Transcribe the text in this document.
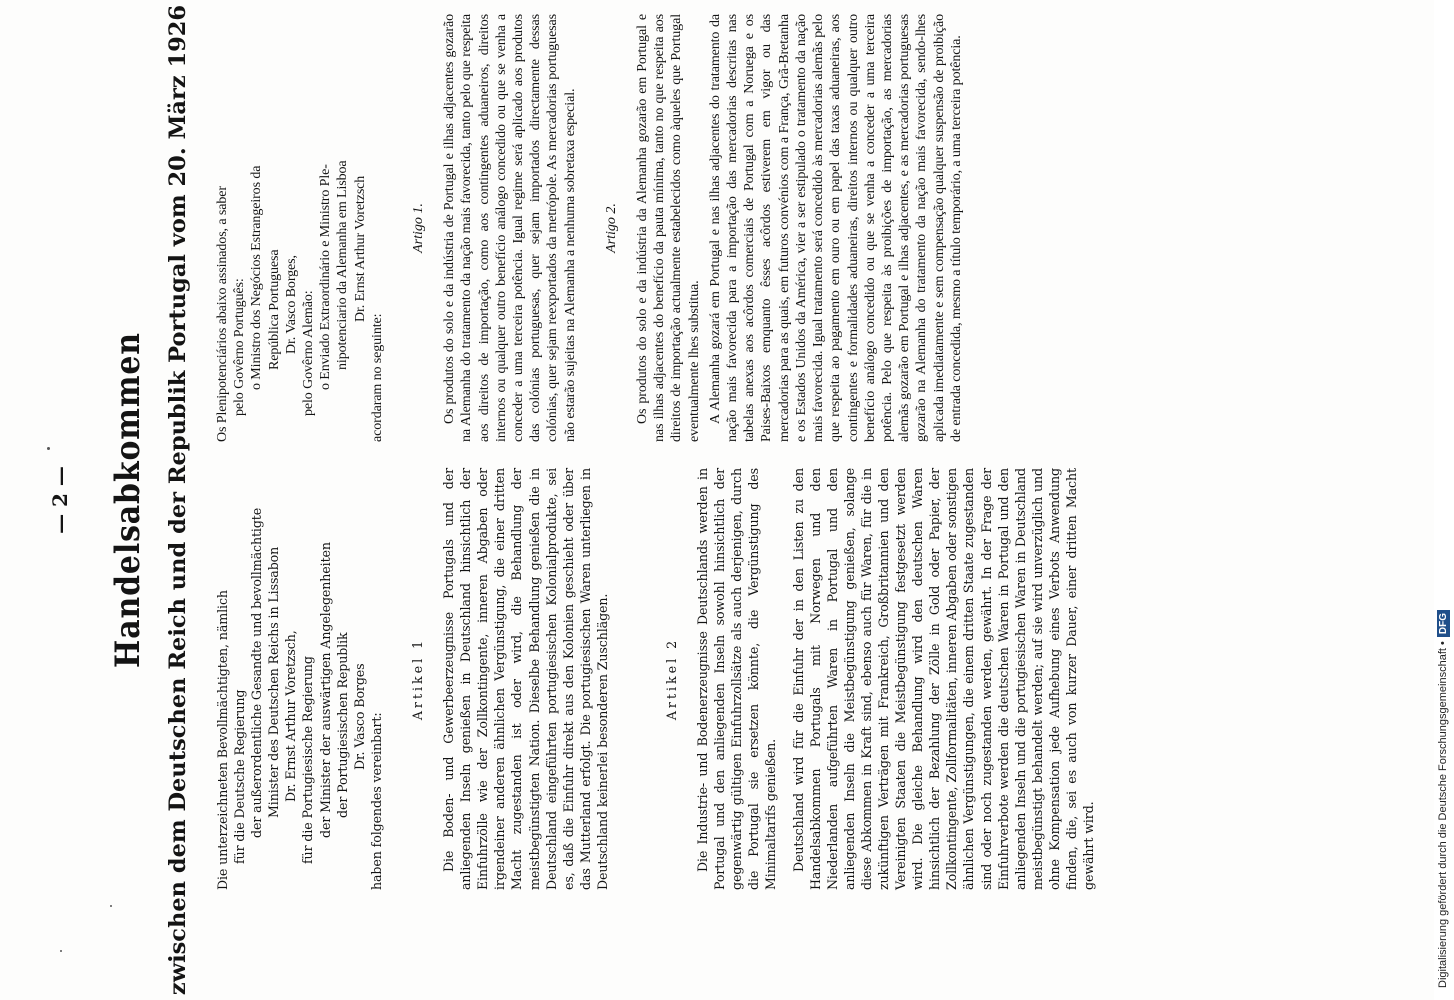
— 2 — Handelsabkommen zwischen dem Deutschen Reich und der Republik Portugal vom 20. März 1926 Die unterzeichneten Bevollmächtigten, nämlich für die Deutsche Regierung der außerordentliche Gesandte und bevollmächtigte Minister des Deutschen Reichs in Lissabon Dr. Ernst Arthur Voretzsch, für die Portugiesische Regierung der Minister der auswärtigen Angelegenheiten der Portugiesischen Republik Dr. Vasco Borges haben folgendes vereinbart:
Artikel 1 Die Boden- und Gewerbeerzeugnisse Portugals und der anliegenden Inseln genießen in Deutschland hinsichtlich der Einfuhrzölle wie der Zollkontingente, inneren Abgaben oder irgendeiner anderen ähnlichen Vergünstigung, die einer dritten Macht zugestanden ist oder wird, die Behandlung der meistbegünstigten Nation. Dieselbe Behandlung genießen die in Deutschland eingeführten portugiesischen Kolonialprodukte, sei es, daß die Einfuhr direkt aus den Kolonien geschieht oder über das Mutterland erfolgt. Die portugiesischen Waren unterliegen in Deutschland keinerlei besonderen Zuschlägen.	Artikel 2 Die Industrie- und Bodenerzeugnisse Deutschlands werden in Portugal und den anliegenden Inseln sowohl hinsichtlich der gegenwärtig gültigen Einfuhrzollsätze als auch derjenigen, durch die Portugal sie ersetzen könnte, die Vergünstigung des Minimaltarifs genießen. Deutschland wird für die Einfuhr der in den Listen zu den Handelsabkommen Portugals mit Norwegen und den Niederlanden aufgeführten Waren in Portugal und den anliegenden Inseln die Meistbegünstigung genießen, solange diese Abkommen in Kraft sind, ebenso auch für Waren, für die in zukünftigen Verträgen mit Frankreich, Großbritannien und den Vereinigten Staaten die Meistbegünstigung festgesetzt werden wird. Die gleiche Behandlung wird den deutschen Waren hinsichtlich der Bezahlung der Zölle in Gold oder Papier, der Zollkontingente, Zollformalitäten, inneren Abgaben oder sonstigen ähnlichen Vergünstigungen, die einem dritten Staate zugestanden sind oder noch zugestanden werden, gewährt. In der Frage der Einfuhrverbote werden die deutschen Waren in Portugal und den anliegenden Inseln und die portugiesischen Waren in Deutschland meistbegünstigt behandelt werden; auf sie wird unverzüglich und ohne Kompensation jede Aufhebung eines Verbots Anwendung finden, die, sei es auch von kurzer Dauer, einer dritten Macht gewährt wird.

Os Plenipotenciários abaixo assinados, a saber pelo Govêrno Português: o Ministro dos Negócios Estrangeiros da República Portuguesa Dr. Vasco Borges, pelo Govêrno Alemão: o Enviado Extraordinário e Ministro Ple- nipotenciario da Alemanha em Lisboa Dr. Ernst Arthur Voretzsch
acordaram no seguinte:
Artigo 1. Os produtos do solo e da indústria de Portugal e ilhas adjacentes gozarão na Alemanha do tratamento da nação mais favorecida, tanto pelo que respeita aos direitos de importação, como aos contingentes aduaneiros, direitos internos ou qualquer outro benefício análogo concedido ou que se venha a conceder a uma terceira potência. Igual regime será aplicado aos produtos das colónias portuguesas, quer sejam importados directamente dessas colónias, quer sejam reexportados da metrópole. As mercadorias portuguesas não estarão sujeitas na Alemanha a nenhuma sobretaxa especial. Artigo 2. Os produtos do solo e da indústria da Alemanha gozarão em Portugal e nas ilhas adjacentes do benefício da pauta mínima, tanto no que respeita aos direitos de importação actualmente estabelecidos como àqueles que Portugal eventualmente lhes substitua. A Alemanha gozará em Portugal e nas ilhas adjacentes do tratamento da nação mais favorecida para a importação das mercadorias descritas nas tabelas anexas aos acôrdos comerciais de Portugal com a Noruega e os Paises-Baixos emquanto êsses acôrdos estiverem em vigor ou das mercadorias para as quais, em futuros convénios com a França, Grã-Bretanha e os Estados Unidos da América, vier a ser estipulado o tratamento da nação mais favorecida. Igual tratamento será concedido às mercadorias alemãs pelo que respeita ao pagamento em ouro ou em papel das taxas aduaneiras, aos contingentes e formalidades aduaneiras, direitos internos ou qualquer outro benefício análogo concedido ou que se venha a conceder a uma terceira potência. Pelo que respeita às proibições de importação, as mercadorias alemãs gozarão em Portugal e ilhas adjacentes, e as mercadorias portuguesas gozarão na Alemanha do tratamento da nação mais favorecida, sendo-lhes aplicada imediatamente e sem compensação qualquer suspensão de proibição de entrada concedida, mesmo a título temporário, a uma terceira potência.

Digitalisierung gefördert durch die Deutsche Forschungsgemeinschaft •DFG
